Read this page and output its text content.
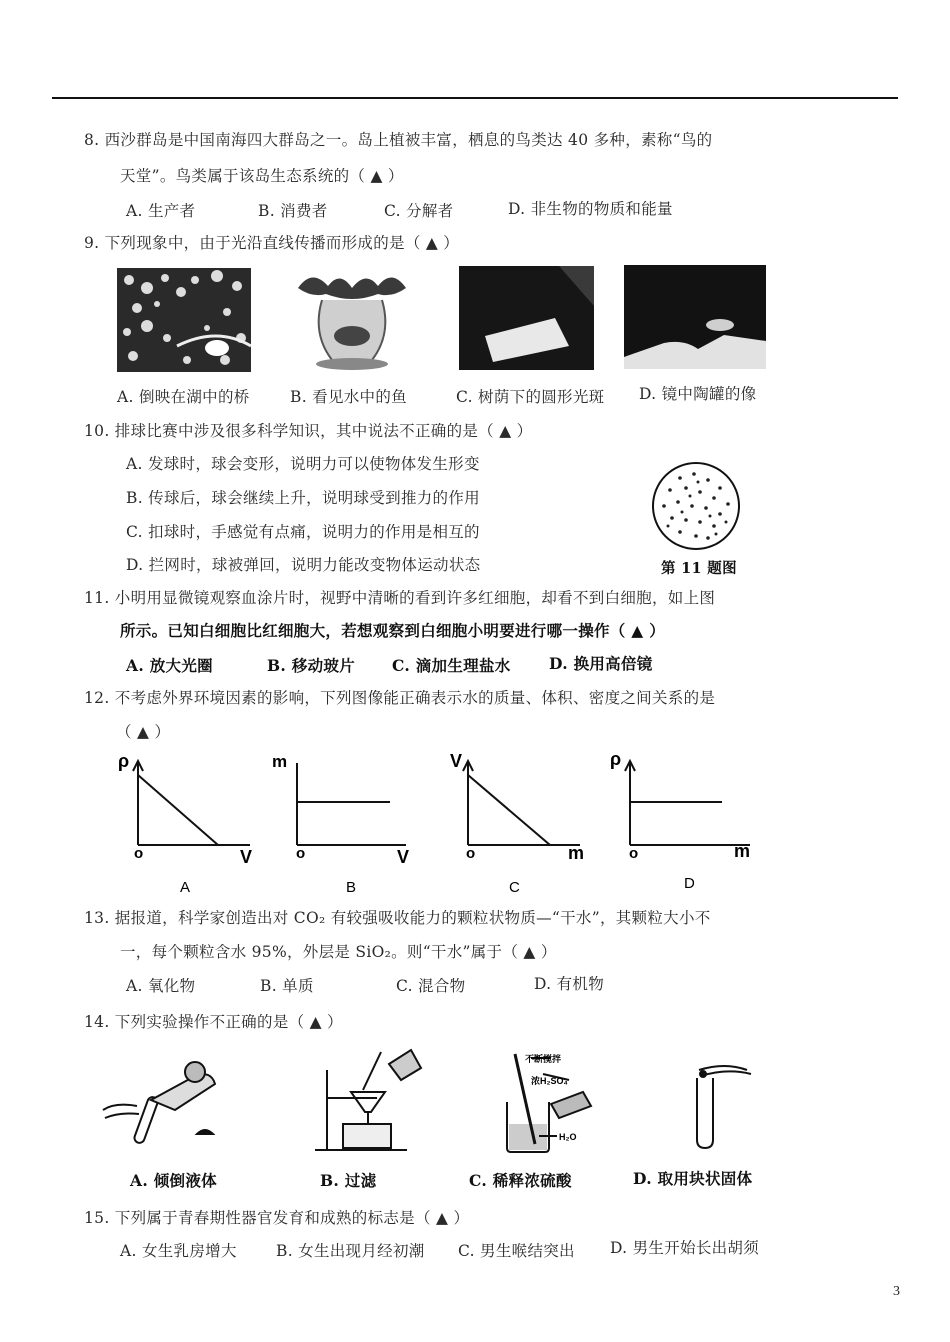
8. 西沙群岛是中国南海四大群岛之一。岛上植被丰富，栖息的鸟类达 40 多种，素称“鸟的
天堂”。鸟类属于该岛生态系统的（ ▲ ）
A. 生产者	B. 消费者	C. 分解者	D. 非生物的物质和能量
9. 下列现象中，由于光沿直线传播而形成的是（ ▲ ）
A. 倒映在湖中的桥	B. 看见水中的鱼	C. 树荫下的圆形光斑 D. 镜中陶罐的像
10. 排球比赛中涉及很多科学知识，其中说法不正确的是（ ▲ ）
A. 发球时，球会变形，说明力可以使物体发生形变
B. 传球后，球会继续上升，说明球受到推力的作用
C. 扣球时，手感觉有点痛，说明力的作用是相互的
D. 拦网时，球被弹回，说明力能改变物体运动状态	第 11 题图
11. 小明用显微镜观察血涂片时，视野中清晰的看到许多红细胞，却看不到白细胞，如上图
所示。已知白细胞比红细胞大，若想观察到白细胞小明要进行哪一操作（ ▲ ）
A. 放大光圈	B. 移动玻片 C. 滴加生理盐水 D. 换用高倍镜
12. 不考虑外界环境因素的影响，下列图像能正确表示水的质量、体积、密度之间关系的是
（ ▲ ）
ρ
o	V
A
m
o	V
B
V
o	m
C
ρ
o	m
D
13. 据报道，科学家创造出对 CO₂ 有较强吸收能力的颗粒状物质—“干水”，其颗粒大小不
一，每个颗粒含水 95%，外层是 SiO₂。则“干水”属于（ ▲ ）
A. 氧化物	B. 单质	C. 混合物	D. 有机物
14. 下列实验操作不正确的是（ ▲ ）
不断搅拌
浓H₂SO₄
H₂O
A. 倾倒液体	B. 过滤	C. 稀释浓硫酸	D. 取用块状固体
15. 下列属于青春期性器官发育和成熟的标志是（ ▲ ）
A. 女生乳房增大	B. 女生出现月经初潮 C. 男生喉结突出 D. 男生开始长出胡须
3
